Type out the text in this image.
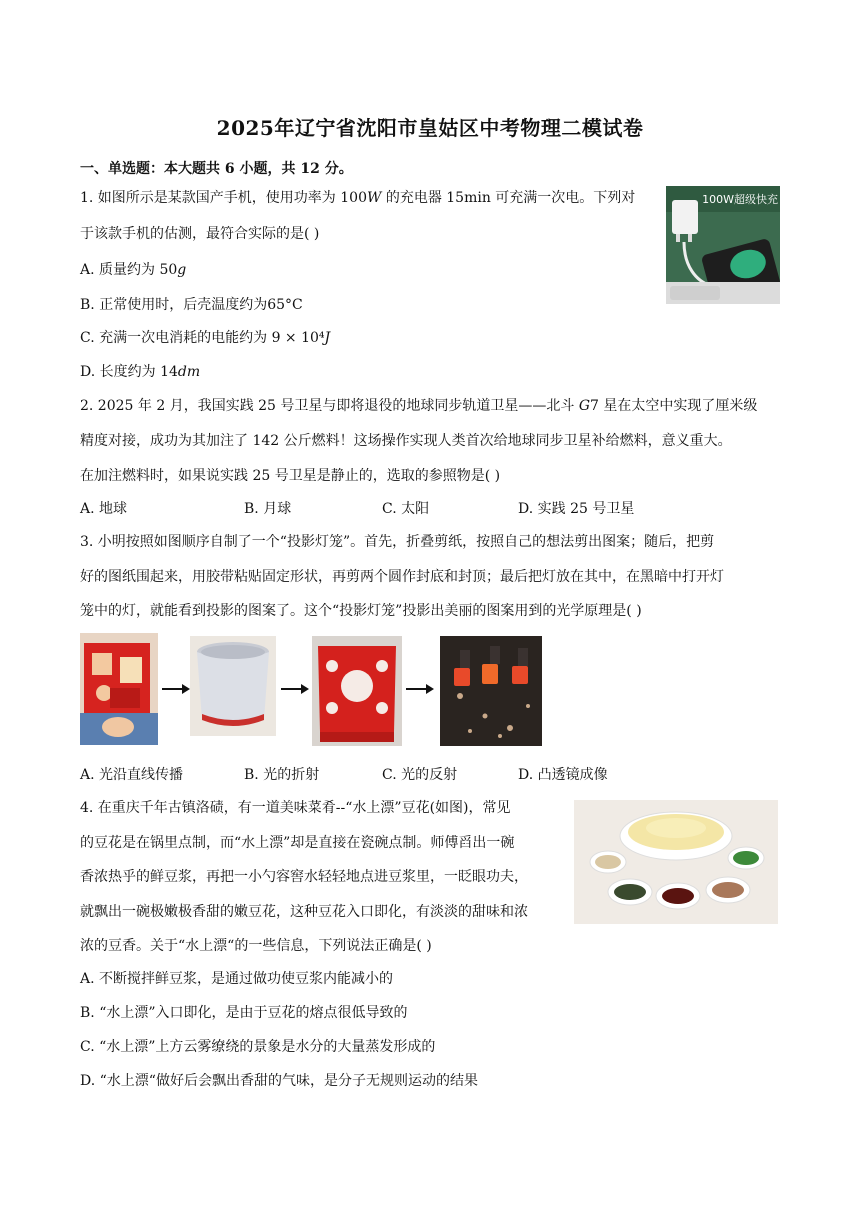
2025年辽宁省沈阳市皇姑区中考物理二模试卷
一、单选题：本大题共 6 小题，共 12 分。
1. 如图所示是某款国产手机，使用功率为 100𝑊 的充电器 15min 可充满一次电。下列对
于该款手机的估测，最符合实际的是( )
A. 质量约为 50𝑔
B. 正常使用时，后壳温度约为65°C
C. 充满一次电消耗的电能约为 9 × 10⁴𝐽
D. 长度约为 14𝑑𝑚
100W超级快充
2. 2025 年 2 月，我国实践 25 号卫星与即将退役的地球同步轨道卫星——北斗 𝐺7 星在太空中实现了厘米级
精度对接，成功为其加注了 142 公斤燃料！这场操作实现人类首次给地球同步卫星补给燃料，意义重大。
在加注燃料时，如果说实践 25 号卫星是静止的，选取的参照物是( )
A. 地球	B. 月球	C. 太阳	D. 实践 25 号卫星
3. 小明按照如图顺序自制了一个“投影灯笼”。首先，折叠剪纸，按照自己的想法剪出图案；随后，把剪
好的图纸围起来，用胶带粘贴固定形状，再剪两个圆作封底和封顶；最后把灯放在其中，在黑暗中打开灯
笼中的灯，就能看到投影的图案了。这个“投影灯笼”投影出美丽的图案用到的光学原理是( )
A. 光沿直线传播	B. 光的折射	C. 光的反射	D. 凸透镜成像
4. 在重庆千年古镇洛碛，有一道美味菜肴--“水上漂”豆花(如图)，常见
的豆花是在锅里点制，而“水上漂”却是直接在瓷碗点制。师傅舀出一碗
香浓热乎的鲜豆浆，再把一小勺容窖水轻轻地点进豆浆里，一眨眼功夫，
就飘出一碗极嫩极香甜的嫩豆花，这种豆花入口即化，有淡淡的甜味和浓
浓的豆香。关于“水上漂“的一些信息，下列说法正确是( )
A. 不断搅拌鲜豆浆，是通过做功使豆浆内能减小的
B. “水上漂”入口即化，是由于豆花的熔点很低导致的
C. “水上漂”上方云雾缭绕的景象是水分的大量蒸发形成的
D. “水上漂“做好后会飘出香甜的气味，是分子无规则运动的结果
